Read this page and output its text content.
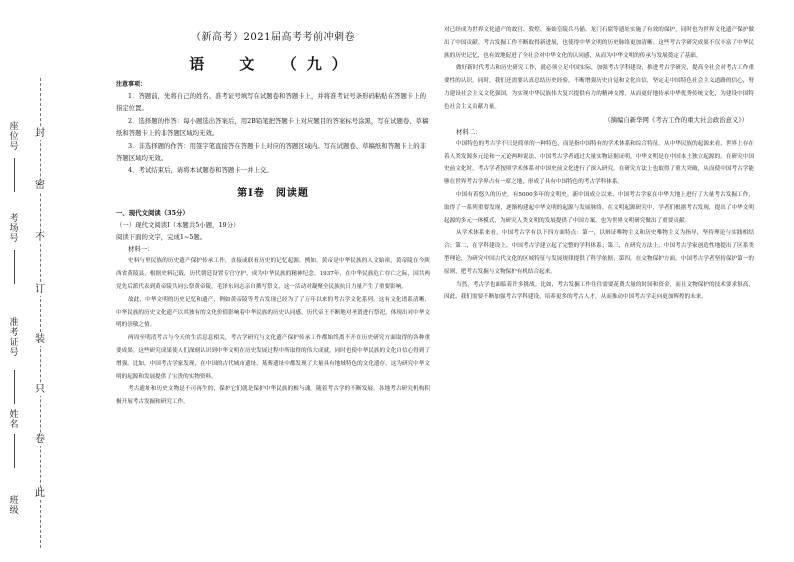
封
密
不
订
装
只
卷
此
座位号
考场号
准考证号
姓名
班级
（新高考）2021届高考考前冲刺卷
语　文　（九）
注意事项：

1．答题前，先将自己的姓名、准考证号填写在试题卷和答题卡上，并将准考证号条形码粘贴在答题卡上的指定位置。

2．选择题的作答：每小题选出答案后，用2B铅笔把答题卡上对应题目的答案标号涂黑，写在试题卷、草稿纸和答题卡上的非答题区域均无效。

3．非选择题的作答：用签字笔直接答在答题卡上对应的答题区域内。写在试题卷、草稿纸和答题卡上的非答题区域均无效。

4．考试结束后，请将本试题卷和答题卡一并上交。

第Ⅰ卷　阅读题
一、现代文阅读（35分）
（一）现代文阅读Ⅰ（本题共5小题，19分）
阅读下面的文字，完成1~5题。
材料一：

史料与里民族的历史遗产保护传承工作，直接或联看历史的记忆起源。例如，黄帝是中华民族的人文始祖，黄帝陵在今陕西省黄陵县，根据史料记载，历代朝廷设置专官守护，成为中华民族的精神纪念。1937年，在中华民族危亡存亡之际，国共两党先后派代表到黄帝陵共同公祭黄帝陵，毛泽东同志亲自撰写祭文，这一活动对凝聚全民族抗日力量产生了重要影响。

故此，中华文明的历史记忆和遗产，例如黄帝陵等考古发现已经为了了万年以来的考古学文化系列，这有文化谱系清晰，中华民族的历史文化遗产以其独有的文化价值影响着中华民族的历史认同感。历代帝王不断地对圣贤进行祭祀，体现出对中华文明的崇敬之情。

两周至明清考古与今天的生活息息相关，考古学研究与文化遗产保护传承工作都始终离不开在历史研究方面取得的各种重要成果。这些研究成果使人们深刻认识到中华文明在历史发展过程中所取得的伟大成就，同时也使中华民族的文化自信心得到了增强。比如，中国考古学家发现，在中国的古代城市遗址、墓葬遗址中都发现了大量具有地域特色的文化遗存，这为研究中华文明的起源和发展提供了宝贵的实物资料。

考古遗址和历史文物是不可再生的，保护它们就是保护中华民族的根与魂。随着考古学的不断发展，各地考古研究机构积极开展考古发掘和研究工作，

对已经成为世界文化遗产的故宫、敦煌、秦始皇陵兵马俑、龙门石窟等遗址实施了有效的保护，同时也为世界文化遗产保护做出了中国贡献。考古发掘工作不断取得新进展，也使得中华文明的历史脉络更加清晰。这些考古学研究成果不仅丰富了中华民族的历史记忆，也有效地促进了全社会对中华文化的认同感，从而为中华文明的传承与发展奠定了基础。

做好新时代考古和历史研究工作，就必须立足中国实际，加强考古学科建设，推进考古学研究，提高全社会对考古工作重要性的认识。同时，我们还需要认真总结历史经验，不断增强历史自觉和文化自信，坚定走中国特色社会主义道路的信心，努力建设社会主义文化强国，为实现中华民族伟大复兴提供有力的精神支撑，从而更好地传承中华优秀传统文化，为建设中国特色社会主义贡献力量。

（摘编自新华网《考古工作的重大社会政治意义》）
材料二：

中国特色的考古学不只是简单的一种特色，而是指中国特有的学术体系和综合特征。从中华民族的起源来看，世界上存在着人类发源多元论和一元论两种说法，中国考古学者通过大量实物证据证明，中华文明是在中国本土独立起源的。在研究中国史前文化时，考古学者按照学术体系对中国史前文化进行了深入研究，在研究方法上也取得了重大突破，从而使中国考古学能够在世界考古学界占有一席之地，形成了具有中国特色的考古学科体系。

中国有着悠久的历史，有5000多年的文明史。新中国成立以来，中国考古学家在中华大地上进行了大量考古发掘工作，取得了一系列重要发现，逐渐构建起中华文明的起源与发展脉络。在文明起源研究中，学者们根据考古发现，提出了中华文明起源的多元一体模式，为研究人类文明的发展提供了中国方案，也为世界文明研究做出了重要贡献。

从学术体系来看，中国考古学有以下四方面特点：第一，以辩证唯物主义和历史唯物主义为指导，坚持理论与实践相结合；第二，在学科建设上，中国考古学建立起了完整的学科体系；第三，在研究方法上，中国考古学家创造性地提出了区系类型理论，为研究中国古代文化的区域特征与发展规律提供了科学依据；第四，在文物保护方面，中国考古学者坚持保护第一的原则，把考古发掘与文物保护有机结合起来。

当然，考古学也面临着许多挑战。比如，考古发掘工作往往需要花费大量的时间和资金，而且文物保护的技术要求很高，因此，我们需要不断加强考古学科建设，培养更多的考古人才，从而推动中国考古学走向更加辉煌的未来。
